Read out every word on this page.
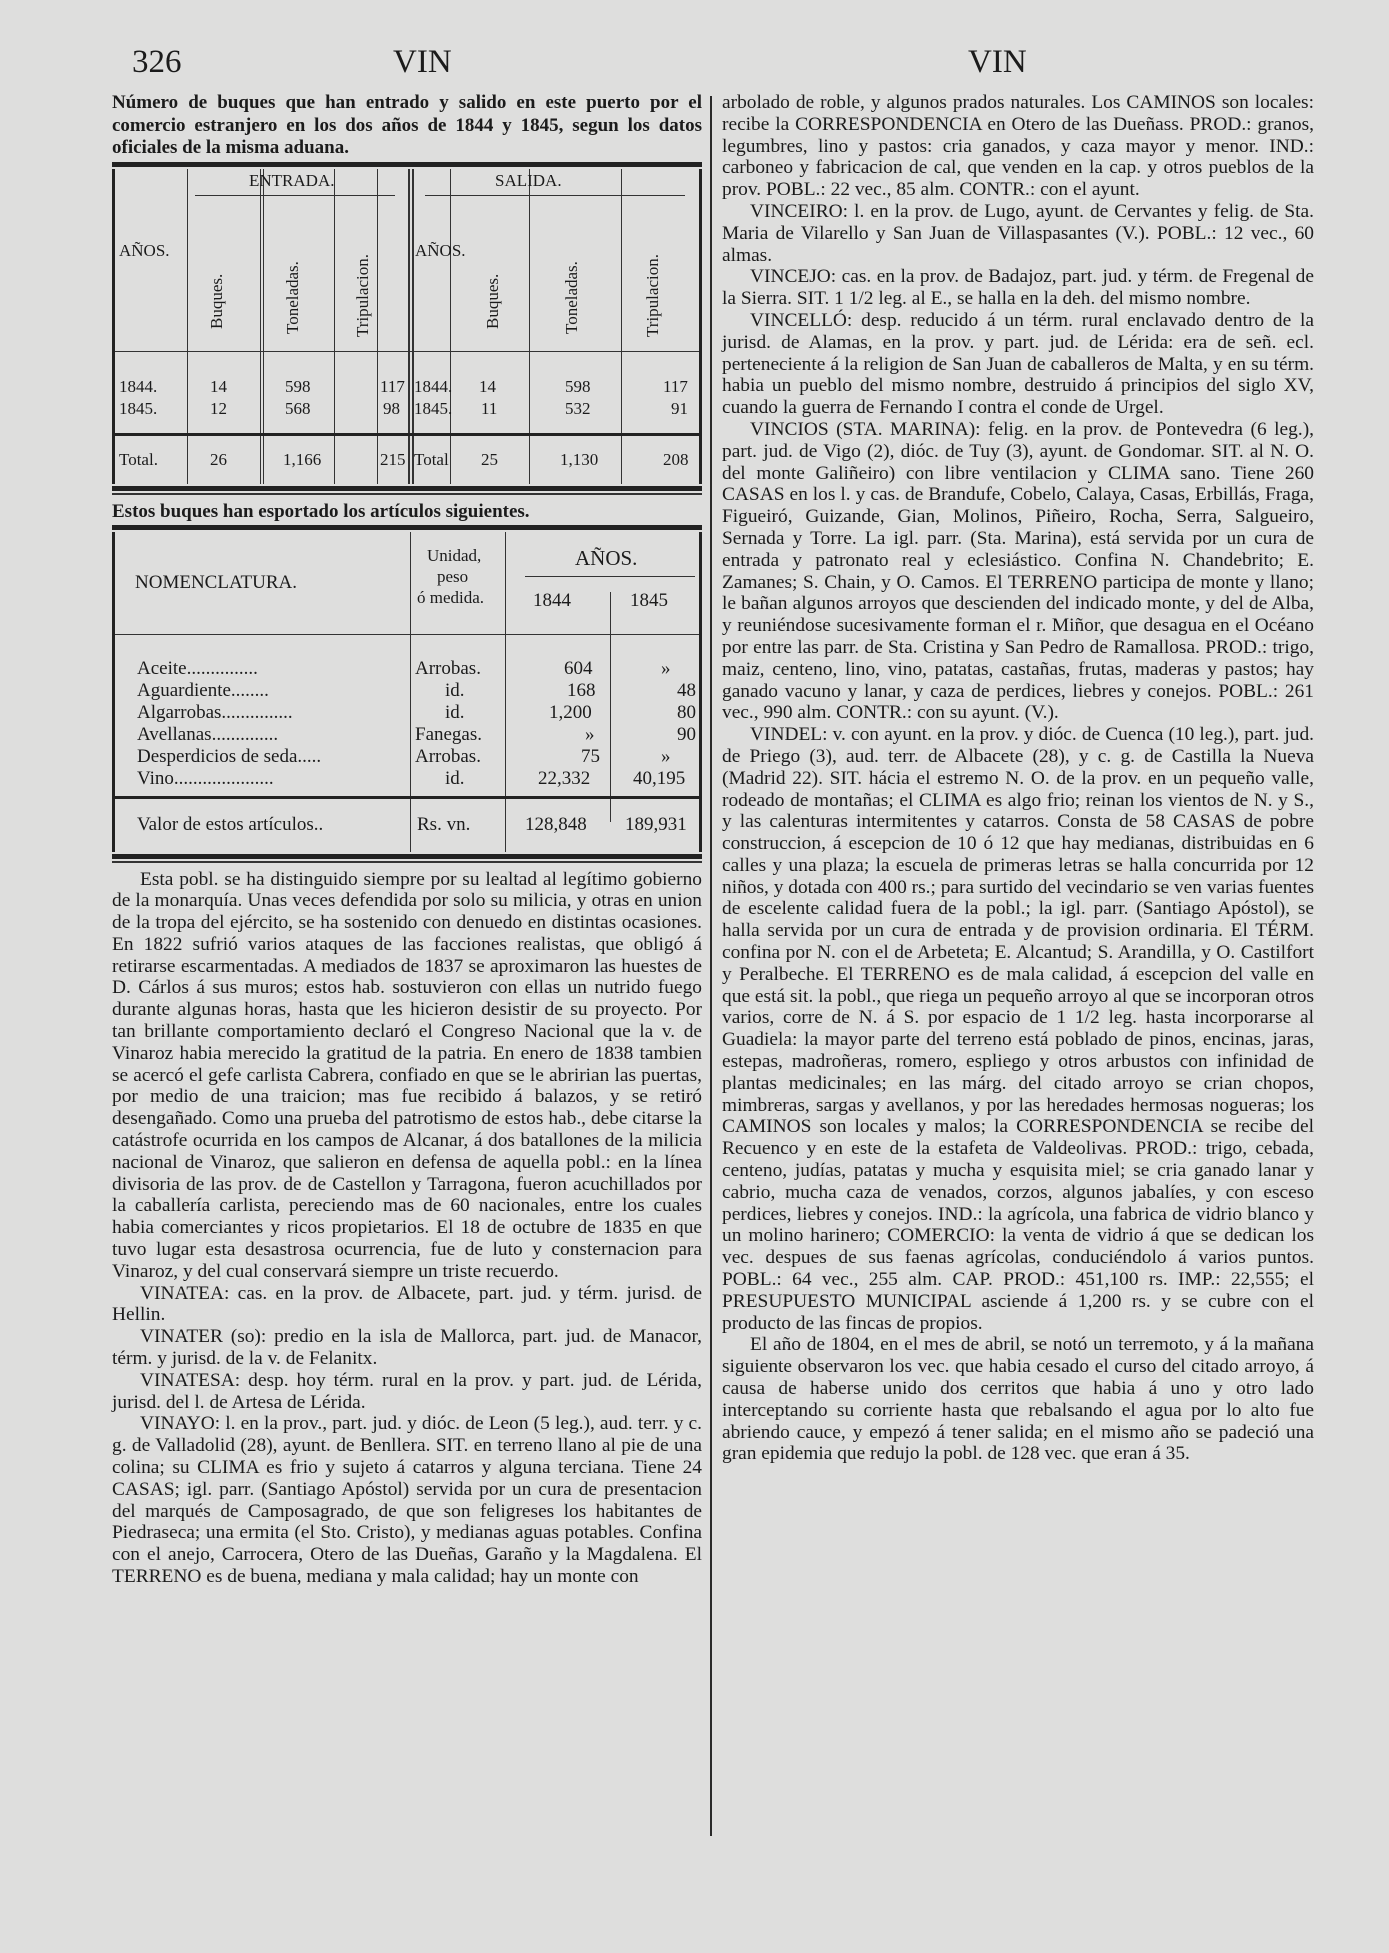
326	VIN	VIN
Número de buques que han entrado y salido en este puerto por el comercio estranjero en los dos años de 1844 y 1845, segun los datos oficiales de la misma aduana.
ENTRADA.	SALIDA.
AÑOS.
Buques.	Toneladas.	Tripulacion.
AÑOS.
Buques.	Toneladas.	Tripulacion.
1844.	14	598	117 1844. 14	598	117
1845.	12	568	98 1845. 11	532	91
Total.	26	1,166	215 Total 25	1,130	208
Estos buques han esportado los artículos siguientes.
NOMENCLATURA.
Unidad,
peso
ó medida.
AÑOS.
1844	1845
Aceite...............	Arrobas.	604	»
Aguardiente........	id.	168	48
Algarrobas...............	id.	1,200	80
Avellanas..............	Fanegas.	»	90
Desperdicios de seda.....	Arrobas.	75	»
Vino.....................	id.	22,332 40,195
Valor de estos artículos..	Rs. vn.	128,848 189,931

Esta pobl. se ha distinguido siempre por su lealtad al legítimo gobierno de la monarquía. Unas veces defendida por solo su milicia, y otras en union de la tropa del ejército, se ha sostenido con denuedo en distintas ocasiones. En 1822 sufrió varios ataques de las facciones realistas, que obligó á retirarse escarmentadas. A mediados de 1837 se aproximaron las huestes de D. Cárlos á sus muros; estos hab. sostuvieron con ellas un nutrido fuego durante algunas horas, hasta que les hicieron desistir de su proyecto. Por tan brillante comportamiento declaró el Congreso Nacional que la v. de Vinaroz habia merecido la gratitud de la patria. En enero de 1838 tambien se acercó el gefe carlista Cabrera, confiado en que se le abririan las puertas, por medio de una traicion; mas fue recibido á balazos, y se retiró desengañado. Como una prueba del patrotismo de estos hab., debe citarse la catástrofe ocurrida en los campos de Alcanar, á dos batallones de la milicia nacional de Vinaroz, que salieron en defensa de aquella pobl.: en la línea divisoria de las prov. de de Castellon y Tarragona, fueron acuchillados por la caballería carlista, pereciendo mas de 60 nacionales, entre los cuales habia comerciantes y ricos propietarios. El 18 de octubre de 1835 en que tuvo lugar esta desastrosa ocurrencia, fue de luto y consternacion para Vinaroz, y del cual conservará siempre un triste recuerdo.

VINATEA: cas. en la prov. de Albacete, part. jud. y térm. jurisd. de Hellin.

VINATER (so): predio en la isla de Mallorca, part. jud. de Manacor, térm. y jurisd. de la v. de Felanitx.

VINATESA: desp. hoy térm. rural en la prov. y part. jud. de Lérida, jurisd. del l. de Artesa de Lérida.

VINAYO: l. en la prov., part. jud. y dióc. de Leon (5 leg.), aud. terr. y c. g. de Valladolid (28), ayunt. de Benllera. SIT. en terreno llano al pie de una colina; su CLIMA es frio y sujeto á catarros y alguna terciana. Tiene 24 CASAS; igl. parr. (Santiago Apóstol) servida por un cura de presentacion del marqués de Camposagrado, de que son feligreses los habitantes de Piedraseca; una ermita (el Sto. Cristo), y medianas aguas potables. Confina con el anejo, Carrocera, Otero de las Dueñas, Garaño y la Magdalena. El TERRENO es de buena, mediana y mala calidad; hay un monte con

arbolado de roble, y algunos prados naturales. Los CAMINOS son locales: recibe la CORRESPONDENCIA en Otero de las Dueñass. PROD.: granos, legumbres, lino y pastos: cria ganados, y caza mayor y menor. IND.: carboneo y fabricacion de cal, que venden en la cap. y otros pueblos de la prov. POBL.: 22 vec., 85 alm. CONTR.: con el ayunt.

VINCEIRO: l. en la prov. de Lugo, ayunt. de Cervantes y felig. de Sta. Maria de Vilarello y San Juan de Villaspasantes (V.). POBL.: 12 vec., 60 almas.

VINCEJO: cas. en la prov. de Badajoz, part. jud. y térm. de Fregenal de la Sierra. SIT. 1 1/2 leg. al E., se halla en la deh. del mismo nombre.

VINCELLÓ: desp. reducido á un térm. rural enclavado dentro de la jurisd. de Alamas, en la prov. y part. jud. de Lérida: era de señ. ecl. perteneciente á la religion de San Juan de caballeros de Malta, y en su térm. habia un pueblo del mismo nombre, destruido á principios del siglo XV, cuando la guerra de Fernando I contra el conde de Urgel.

VINCIOS (STA. MARINA): felig. en la prov. de Pontevedra (6 leg.), part. jud. de Vigo (2), dióc. de Tuy (3), ayunt. de Gondomar. SIT. al N. O. del monte Galiñeiro) con libre ventilacion y CLIMA sano. Tiene 260 CASAS en los l. y cas. de Brandufe, Cobelo, Calaya, Casas, Erbillás, Fraga, Figueiró, Guizande, Gian, Molinos, Piñeiro, Rocha, Serra, Salgueiro, Sernada y Torre. La igl. parr. (Sta. Marina), está servida por un cura de entrada y patronato real y eclesiástico. Confina N. Chandebrito; E. Zamanes; S. Chain, y O. Camos. El TERRENO participa de monte y llano; le bañan algunos arroyos que descienden del indicado monte, y del de Alba, y reuniéndose sucesivamente forman el r. Miñor, que desagua en el Océano por entre las parr. de Sta. Cristina y San Pedro de Ramallosa. PROD.: trigo, maiz, centeno, lino, vino, patatas, castañas, frutas, maderas y pastos; hay ganado vacuno y lanar, y caza de perdices, liebres y conejos. POBL.: 261 vec., 990 alm. CONTR.: con su ayunt. (V.).

VINDEL: v. con ayunt. en la prov. y dióc. de Cuenca (10 leg.), part. jud. de Priego (3), aud. terr. de Albacete (28), y c. g. de Castilla la Nueva (Madrid 22). SIT. hácia el estremo N. O. de la prov. en un pequeño valle, rodeado de montañas; el CLIMA es algo frio; reinan los vientos de N. y S., y las calenturas intermitentes y catarros. Consta de 58 CASAS de pobre construccion, á escepcion de 10 ó 12 que hay medianas, distribuidas en 6 calles y una plaza; la escuela de primeras letras se halla concurrida por 12 niños, y dotada con 400 rs.; para surtido del vecindario se ven varias fuentes de escelente calidad fuera de la pobl.; la igl. parr. (Santiago Apóstol), se halla servida por un cura de entrada y de provision ordinaria. El TÉRM. confina por N. con el de Arbeteta; E. Alcantud; S. Arandilla, y O. Castilfort y Peralbeche. El TERRENO es de mala calidad, á escepcion del valle en que está sit. la pobl., que riega un pequeño arroyo al que se incorporan otros varios, corre de N. á S. por espacio de 1 1/2 leg. hasta incorporarse al Guadiela: la mayor parte del terreno está poblado de pinos, encinas, jaras, estepas, madroñeras, romero, espliego y otros arbustos con infinidad de plantas medicinales; en las márg. del citado arroyo se crian chopos, mimbreras, sargas y avellanos, y por las heredades hermosas nogueras; los CAMINOS son locales y malos; la CORRESPONDENCIA se recibe del Recuenco y en este de la estafeta de Valdeolivas. PROD.: trigo, cebada, centeno, judías, patatas y mucha y esquisita miel; se cria ganado lanar y cabrio, mucha caza de venados, corzos, algunos jabalíes, y con esceso perdices, liebres y conejos. IND.: la agrícola, una fabrica de vidrio blanco y un molino harinero; COMERCIO: la venta de vidrio á que se dedican los vec. despues de sus faenas agrícolas, conduciéndolo á varios puntos. POBL.: 64 vec., 255 alm. CAP. PROD.: 451,100 rs. IMP.: 22,555; el PRESUPUESTO MUNICIPAL asciende á 1,200 rs. y se cubre con el producto de las fincas de propios.

El año de 1804, en el mes de abril, se notó un terremoto, y á la mañana siguiente observaron los vec. que habia cesado el curso del citado arroyo, á causa de haberse unido dos cerritos que habia á uno y otro lado interceptando su corriente hasta que rebalsando el agua por lo alto fue abriendo cauce, y empezó á tener salida; en el mismo año se padeció una gran epidemia que redujo la pobl. de 128 vec. que eran á 35.
